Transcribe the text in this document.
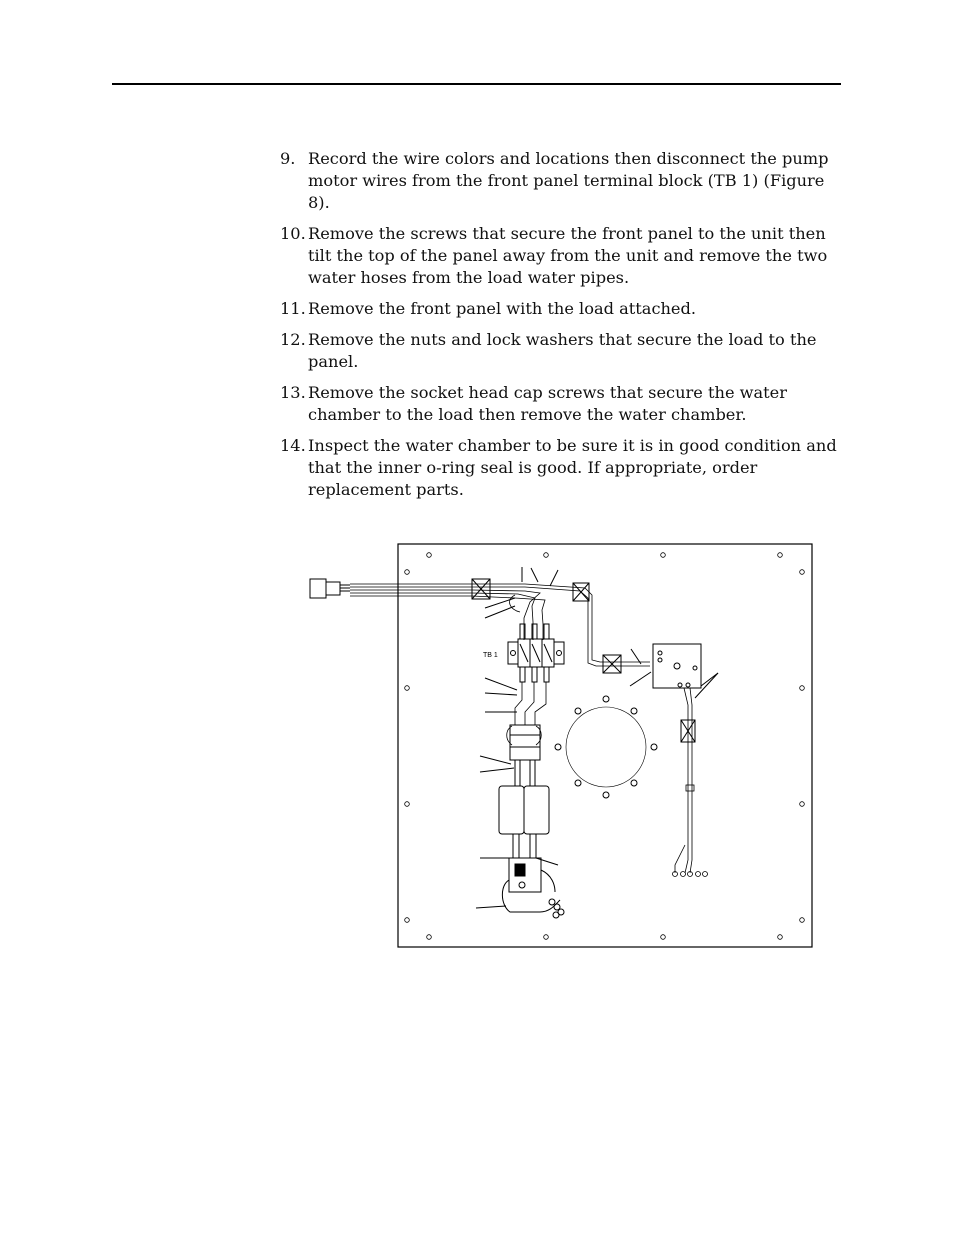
9. Record the wire colors and locations then disconnect the pump motor wires from the front panel terminal block (TB 1) (Figure 8).
10. Remove the screws that secure the front panel to the unit then tilt the top of the panel away from the unit and remove the two water hoses from the load water pipes.
11. Remove the front panel with the load attached.
12. Remove the nuts and lock washers that secure the load to the panel.
13. Remove the socket head cap screws that secure the water chamber to the load then remove the water chamber.
14. Inspect the water chamber to be sure it is in good condition and that the inner o-ring seal is good. If appropriate, order replacement parts.
TB 1
